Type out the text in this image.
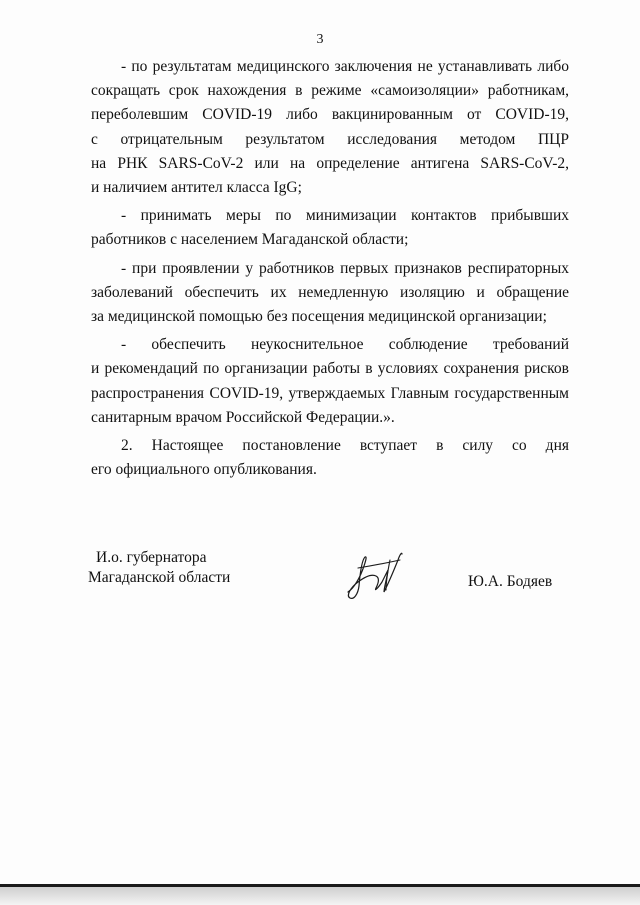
3
- по результатам медицинского заключения не устанавливать либо
сокращать срок нахождения в режиме «самоизоляции» работникам,
переболевшим COVID-19 либо вакцинированным от COVID-19,
с отрицательным результатом исследования методом ПЦР
на РНК SARS-CoV-2 или на определение антигена SARS-CoV-2,
и наличием антител класса IgG;
- принимать меры по минимизации контактов прибывших
работников с населением Магаданской области;
- при проявлении у работников первых признаков респираторных
заболеваний обеспечить их немедленную изоляцию и обращение
за медицинской помощью без посещения медицинской организации;
- обеспечить неукоснительное соблюдение требований
и рекомендаций по организации работы в условиях сохранения рисков
распространения COVID-19, утверждаемых Главным государственным
санитарным врачом Российской Федерации.».
2. Настоящее постановление вступает в силу со дня
его официального опубликования.
И.о. губернатора
Магаданской области	Ю.А. Бодяев
